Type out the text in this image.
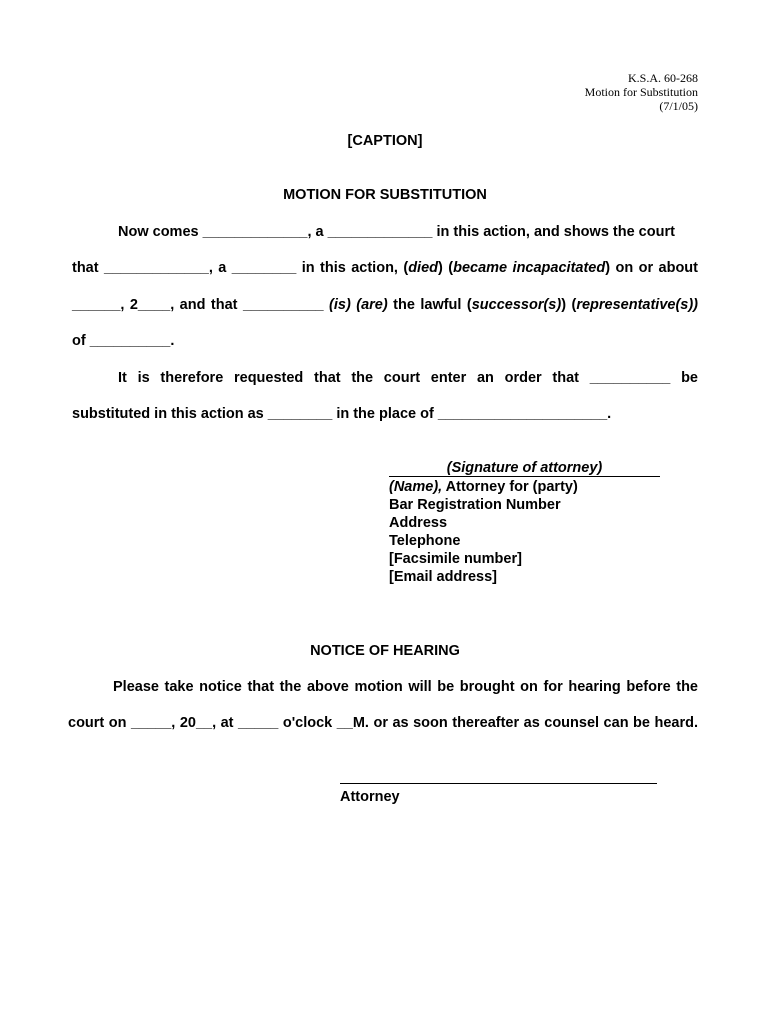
K.S.A. 60-268
Motion for Substitution
(7/1/05)
[CAPTION]
MOTION FOR SUBSTITUTION
Now comes _____________, a _____________ in this action, and shows the court
that _____________, a ________ in this action, (died) (became incapacitated) on or about
______, 2____, and that __________ (is) (are) the lawful (successor(s)) (representative(s))
of __________.
It is therefore requested that the court enter an order that __________ be
substituted in this action as ________ in the place of _____________________.
(Signature of attorney)
(Name), Attorney for (party)
Bar Registration Number
Address
Telephone
[Facsimile number]
[Email address]
NOTICE OF HEARING
Please take notice that the above motion will be brought on for hearing before the
court on _____, 20__, at _____ o'clock __M. or as soon thereafter as counsel can be heard.
Attorney
